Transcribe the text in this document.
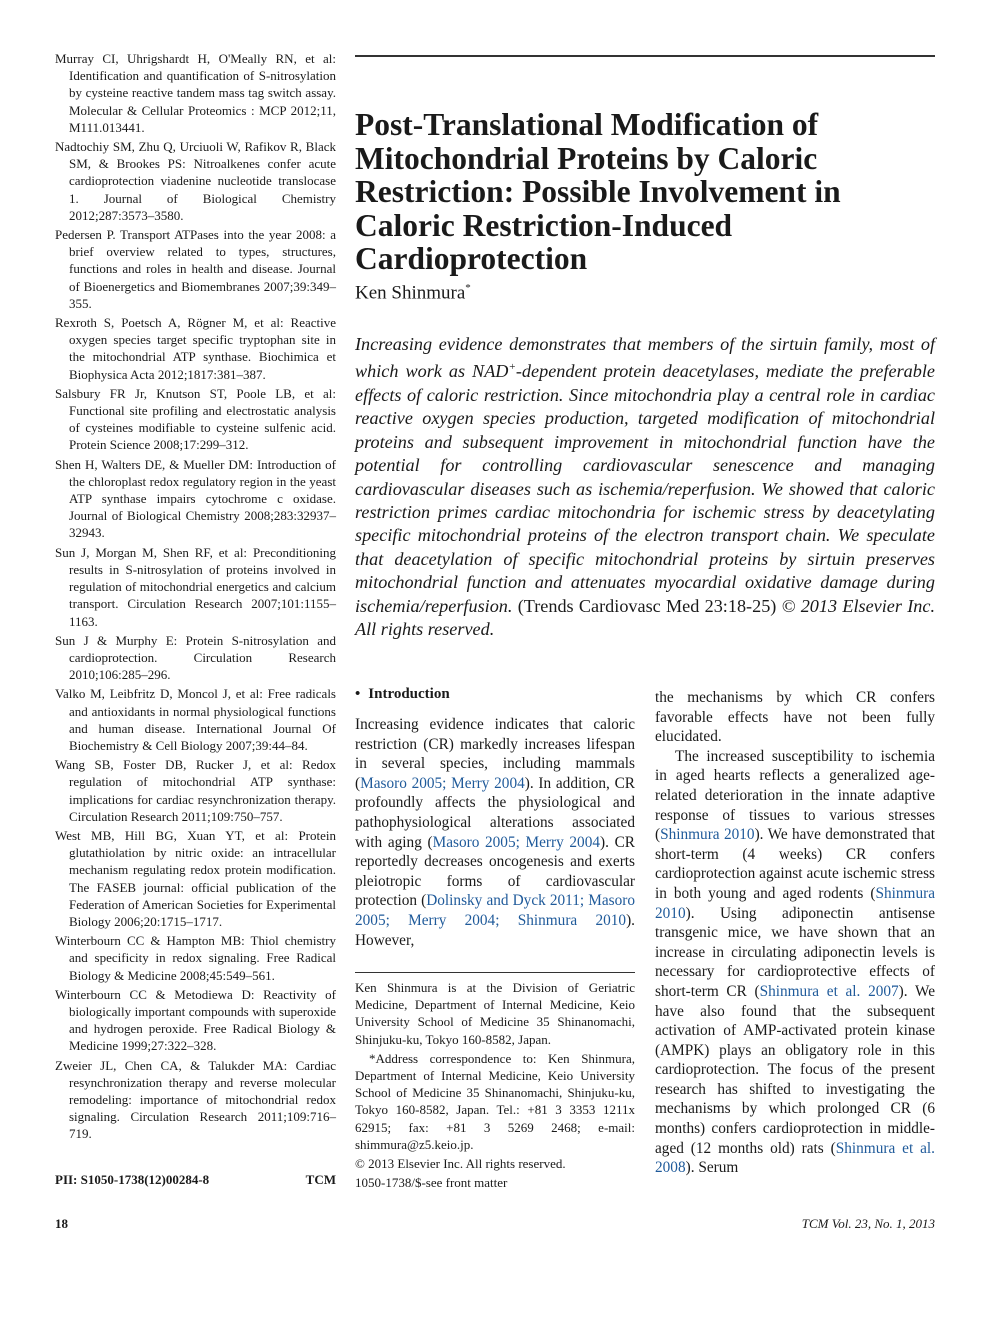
Murray CI, Uhrigshardt H, O'Meally RN, et al: Identification and quantification of S-nitrosylation by cysteine reactive tandem mass tag switch assay. Molecular & Cellular Proteomics : MCP 2012;11, M111.013441.

Nadtochiy SM, Zhu Q, Urciuoli W, Rafikov R, Black SM, & Brookes PS: Nitroalkenes confer acute cardioprotection viadenine nucleotide translocase 1. Journal of Biological Chemistry 2012;287:3573–3580.

Pedersen P. Transport ATPases into the year 2008: a brief overview related to types, structures, functions and roles in health and disease. Journal of Bioenergetics and Biomembranes 2007;39:349–355.

Rexroth S, Poetsch A, Rögner M, et al: Reactive oxygen species target specific tryptophan site in the mitochondrial ATP synthase. Biochimica et Biophysica Acta 2012;1817:381–387.

Salsbury FR Jr, Knutson ST, Poole LB, et al: Functional site profiling and electrostatic analysis of cysteines modifiable to cysteine sulfenic acid. Protein Science 2008;17:299–312.

Shen H, Walters DE, & Mueller DM: Introduction of the chloroplast redox regulatory region in the yeast ATP synthase impairs cytochrome c oxidase. Journal of Biological Chemistry 2008;283:32937–32943.

Sun J, Morgan M, Shen RF, et al: Preconditioning results in S-nitrosylation of proteins involved in regulation of mitochondrial energetics and calcium transport. Circulation Research 2007;101:1155–1163.

Sun J & Murphy E: Protein S-nitrosylation and cardioprotection. Circulation Research 2010;106:285–296.

Valko M, Leibfritz D, Moncol J, et al: Free radicals and antioxidants in normal physiological functions and human disease. International Journal Of Biochemistry & Cell Biology 2007;39:44–84.

Wang SB, Foster DB, Rucker J, et al: Redox regulation of mitochondrial ATP synthase: implications for cardiac resynchronization therapy. Circulation Research 2011;109:750–757.

West MB, Hill BG, Xuan YT, et al: Protein glutathiolation by nitric oxide: an intracellular mechanism regulating redox protein modification. The FASEB journal: official publication of the Federation of American Societies for Experimental Biology 2006;20:1715–1717.

Winterbourn CC & Hampton MB: Thiol chemistry and specificity in redox signaling. Free Radical Biology & Medicine 2008;45:549–561.

Winterbourn CC & Metodiewa D: Reactivity of biologically important compounds with superoxide and hydrogen peroxide. Free Radical Biology & Medicine 1999;27:322–328.

Zweier JL, Chen CA, & Talukder MA: Cardiac resynchronization therapy and reverse molecular remodeling: importance of mitochondrial redox signaling. Circulation Research 2011;109:716–719.

PII: S1050-1738(12)00284-8	TCM
Post-Translational Modification of Mitochondrial Proteins by Caloric Restriction: Possible Involvement in Caloric Restriction-Induced Cardioprotection
Ken Shinmura*

Increasing evidence demonstrates that members of the sirtuin family, most of which work as NAD+-dependent protein deacetylases, mediate the preferable effects of caloric restriction. Since mitochondria play a central role in cardiac reactive oxygen species production, targeted modification of mitochondrial proteins and subsequent improvement in mitochondrial function have the potential for controlling cardiovascular senescence and managing cardiovascular diseases such as ischemia/reperfusion. We showed that caloric restriction primes cardiac mitochondria for ischemic stress by deacetylating specific mitochondrial proteins of the electron transport chain. We speculate that deacetylation of specific mitochondrial proteins by sirtuin preserves mitochondrial function and attenuates myocardial oxidative damage during ischemia/reperfusion. (Trends Cardiovasc Med 23:18-25) © 2013 Elsevier Inc. All rights reserved.

• Introduction

Increasing evidence indicates that caloric restriction (CR) markedly increases lifespan in several species, including mammals (Masoro 2005; Merry 2004). In addition, CR profoundly affects the physiological and pathophysiological alterations associated with aging (Masoro 2005; Merry 2004). CR reportedly decreases oncogenesis and exerts pleiotropic forms of cardiovascular protection (Dolinsky and Dyck 2011; Masoro 2005; Merry 2004; Shinmura 2010). However,

Ken Shinmura is at the Division of Geriatric Medicine, Department of Internal Medicine, Keio University School of Medicine 35 Shinanomachi, Shinjuku-ku, Tokyo 160-8582, Japan.

*Address correspondence to: Ken Shinmura, Department of Internal Medicine, Keio University School of Medicine 35 Shinanomachi, Shinjuku-ku, Tokyo 160-8582, Japan. Tel.: +81 3 3353 1211x 62915; fax: +81 3 5269 2468; e-mail: shimmura@z5.keio.jp.

© 2013 Elsevier Inc. All rights reserved.

1050-1738/$-see front matter

the mechanisms by which CR confers favorable effects have not been fully elucidated.

The increased susceptibility to ischemia in aged hearts reflects a generalized age-related deterioration in the innate adaptive response of tissues to various stresses (Shinmura 2010). We have demonstrated that short-term (4 weeks) CR confers cardioprotection against acute ischemic stress in both young and aged rodents (Shinmura 2010). Using adiponectin antisense transgenic mice, we have shown that an increase in circulating adiponectin levels is necessary for cardioprotective effects of short-term CR (Shinmura et al. 2007). We have also found that the subsequent activation of AMP-activated protein kinase (AMPK) plays an obligatory role in this cardioprotection. The focus of the present research has shifted to investigating the mechanisms by which prolonged CR (6 months) confers cardioprotection in middle-aged (12 months old) rats (Shinmura et al. 2008). Serum

18	TCM Vol. 23, No. 1, 2013
